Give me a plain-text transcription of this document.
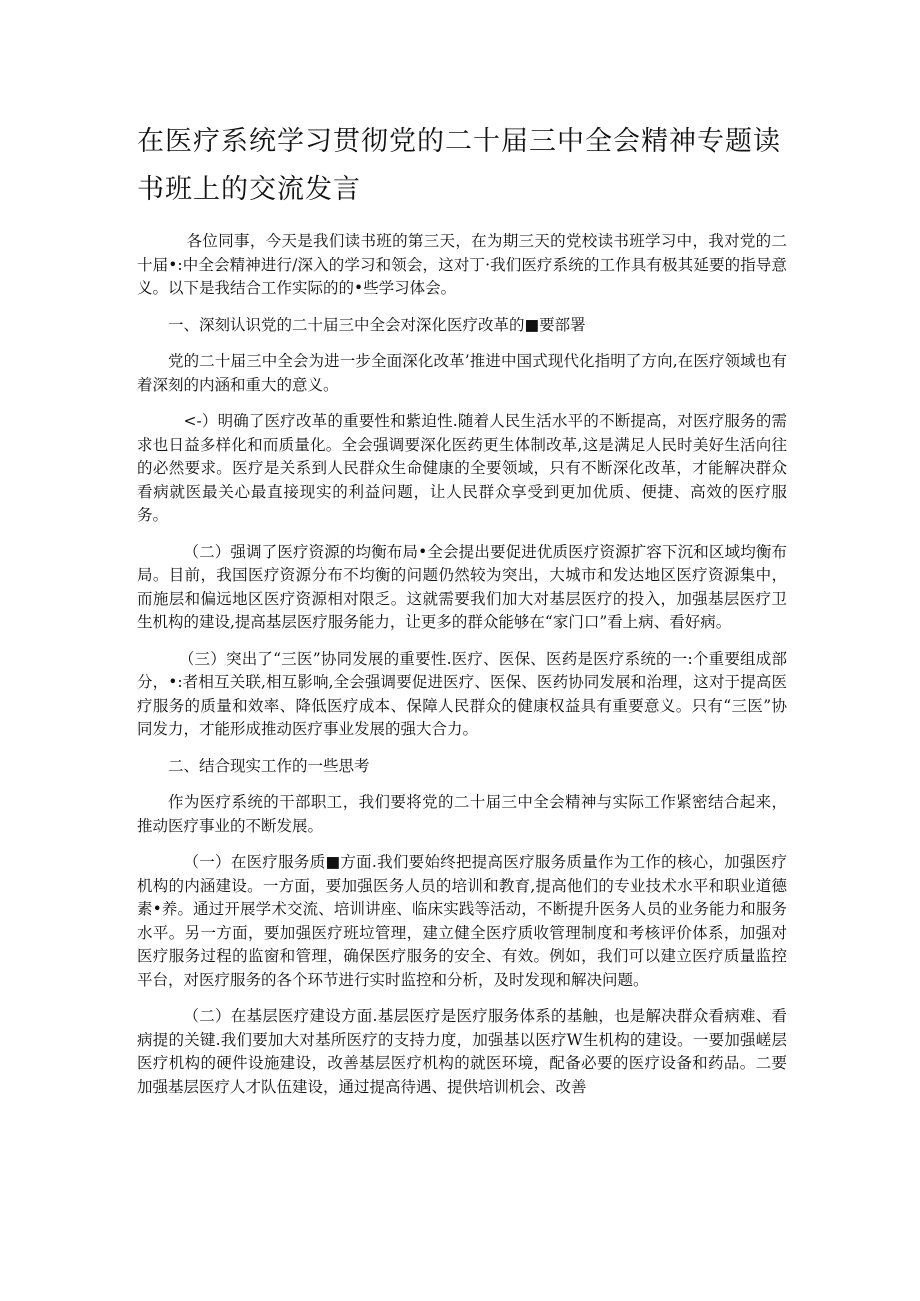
在医疗系统学习贯彻党的二十届三中全会精神专题读书班上的交流发言

各位同事，今天是我们读书班的第三天，在为期三天的党校读书班学习中，我对党的二十届•:中全会精神进行/深入的学习和领会，这对丁·我们医疗系统的工作具有极其延要的指导意义。以下是我结合工作实际的的•些学习体会。

一、深刻认识党的二十届三中全会对深化医疗改革的■要部署

党的二十届三中全会为进一步全面深化改革’推进中国式现代化指明了方向,在医疗领域也有着深刻的内涵和重大的意义。

<-）明确了医疗改革的重要性和紫迫性.随着人民生活水平的不断提高，对医疗服务的需求也日益多样化和而质量化。全会强调要深化医药更生体制改革,这是满足人民时美好生活向往的必然要求。医疗是关系到人民群众生命健康的全要领域，只有不断深化改革，才能解决群众看病就医最关心最直接现实的利益问题，让人民群众享受到更加优质、便捷、高效的医疗服务。

（二）强调了医疗资源的均衡布局•全会提出要促进优质医疗资源扩容下沉和区域均衡布局。目前，我国医疗资源分布不均衡的问题仍然较为突出，大城市和发达地区医疗资源集中，而施层和偏远地区医疗资源相对限乏。这就需要我们加大对基层医疗的投入，加强基层医疗卫生机构的建设,提高基层医疗服务能力，让更多的群众能够在“家门口”看上病、看好病。

（三）突出了“三医”协同发展的重要性.医疗、医保、医药是医疗系统的一:个重要组成部分，•:者相互关联,相互影响,全会强调要促进医疗、医保、医药协同发展和治理，这对于提高医疗服务的质量和效率、降低医疗成本、保障人民群众的健康权益具有重要意义。只有“三医”协同发力，才能形成推动医疗事业发展的强大合力。

二、结合现实工作的一些思考

作为医疗系统的干部职工，我们要将党的二十届三中全会精神与实际工作紧密结合起来，推动医疗事业的不断发展。

（一）在医疗服务质■方面.我们要始终把提高医疗服务质量作为工作的核心，加强医疗机构的内涵建设。一方面，要加强医务人员的培训和教育,提高他们的专业技术水平和职业道德素•养。通过开展学术交流、培训讲座、临床实践等活动，不断提升医务人员的业务能力和服务水平。另一方面，要加强医疗班垃管理，建立健全医疗质收管理制度和考核评价体系，加强对医疗服务过程的监窗和管理，确保医疗服务的安全、有效。例如，我们可以建立医疗质量监控平台，对医疗服务的各个环节进行实时监控和分析，及时发现和解决问题。

（二）在基层医疗建设方面.基层医疗是医疗服务体系的基触，也是解决群众看病难、看病提的关键.我们要加大对基所医疗的支持力度，加强基以医疗W生机构的建设。一要加强嵯层医疗机构的硬件设施建设，改善基层医疗机构的就医环境，配备必要的医疗设备和药品。二要加强基层医疗人才队伍建设，通过提高待遇、提供培训机会、改善
